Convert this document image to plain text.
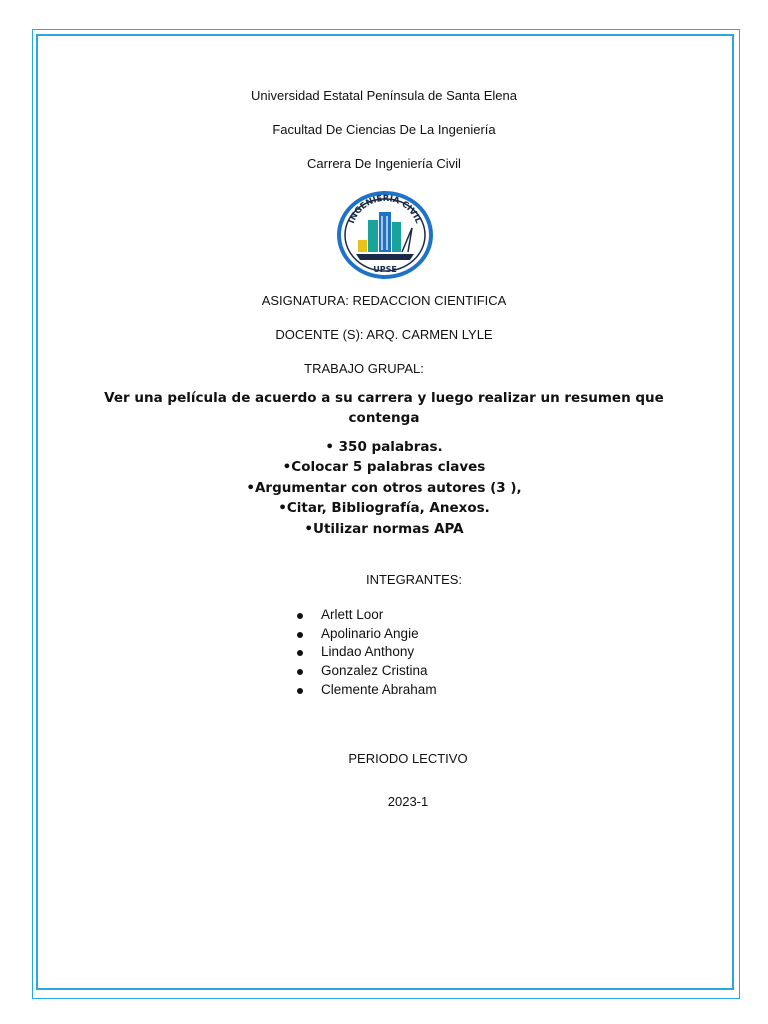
Universidad Estatal Península de Santa Elena
Facultad De Ciencias De La Ingeniería
Carrera De Ingeniería Civil
INGENIERIA CIVIL
UPSE
ASIGNATURA: REDACCION CIENTIFICA
DOCENTE (S): ARQ. CARMEN LYLE
TRABAJO GRUPAL:
Ver una película de acuerdo a su carrera y luego realizar un resumen que contenga
• 350 palabras.
•Colocar 5 palabras claves
•Argumentar con otros autores (3 ),
•Citar, Bibliografía, Anexos.
•Utilizar normas APA
INTEGRANTES:
Arlett Loor
Apolinario Angie
Lindao Anthony
Gonzalez Cristina
Clemente Abraham
PERIODO LECTIVO
2023-1
